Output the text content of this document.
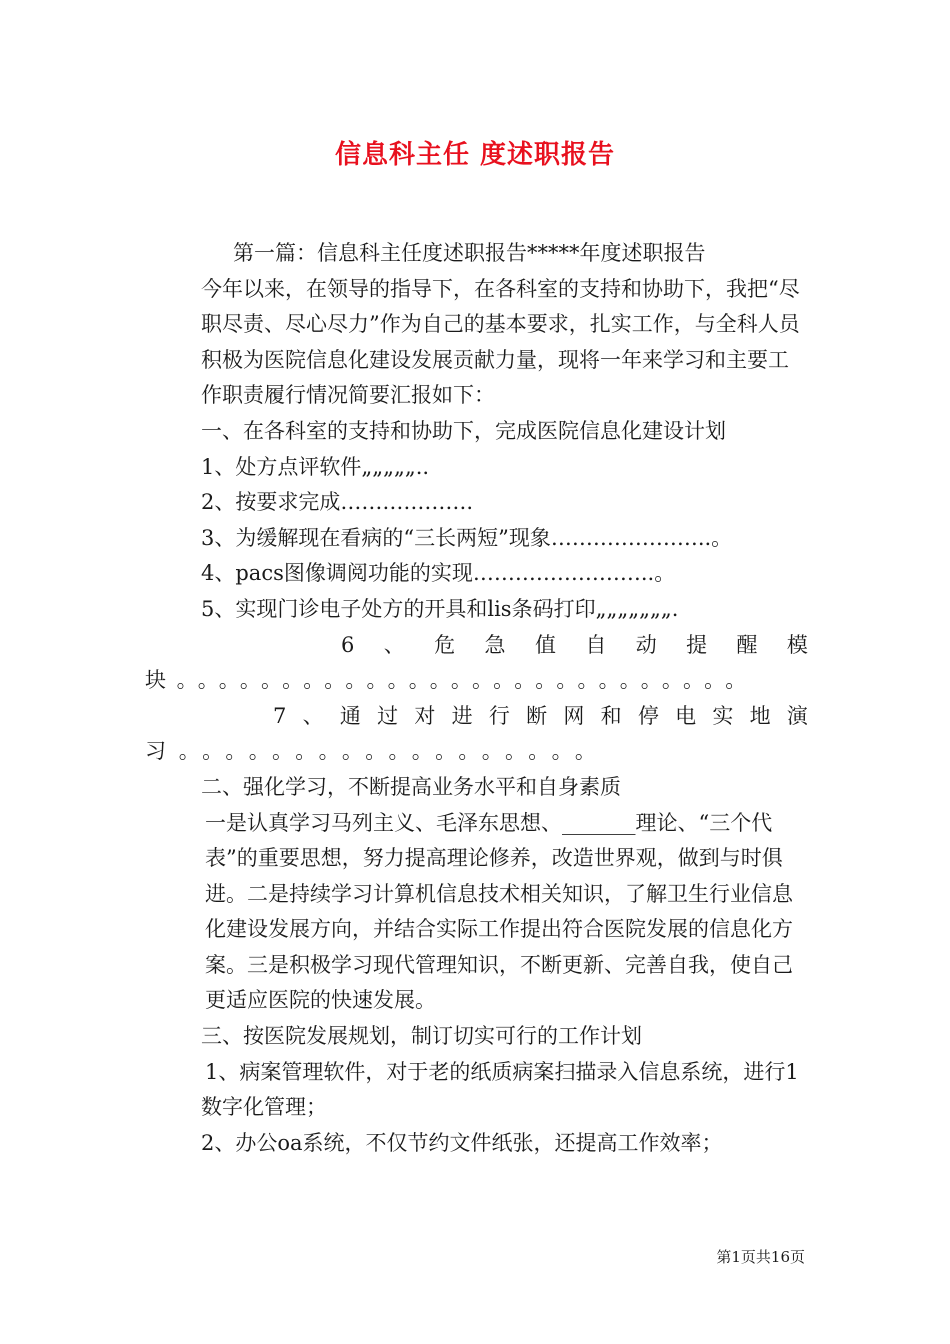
信息科主任 度述职报告

第一篇：信息科主任度述职报告*****年度述职报告

今年以来，在领导的指导下，在各科室的支持和协助下，我把“尽职尽责、尽心尽力”作为自己的基本要求，扎实工作，与全科人员积极为医院信息化建设发展贡献力量，现将一年来学习和主要工作职责履行情况简要汇报如下：

一、在各科室的支持和协助下，完成医院信息化建设计划

1、处方点评软件„„„„„..

2、按要求完成……………….

3、为缓解现在看病的“三长两短”现象…………………..。

4、pacs图像调阅功能的实现……………………..。

5、实现门诊电子处方的开具和lis条码打印„„„„„„„.

6 、 危 急 值 自 动 提 醒 模

块。。。。。。。。。。。。。。。。。。。。。。。。。。。

7 、 通 过 对 进 行 断 网 和 停 电 实 地 演

习。。。。。。。。。。。。。。。。。。

二、强化学习，不断提高业务水平和自身素质

一是认真学习马列主义、毛泽东思想、_______理论、“三个代表”的重要思想，努力提高理论修养，改造世界观，做到与时俱进。二是持续学习计算机信息技术相关知识，了解卫生行业信息化建设发展方向，并结合实际工作提出符合医院发展的信息化方案。三是积极学习现代管理知识，不断更新、完善自我，使自己更适应医院的快速发展。

三、按医院发展规划，制订切实可行的工作计划

1、病案管理软件，对于老的纸质病案扫描录入信息系统，进行1

数字化管理；

2、办公oa系统，不仅节约文件纸张，还提高工作效率；

第1页共16页
